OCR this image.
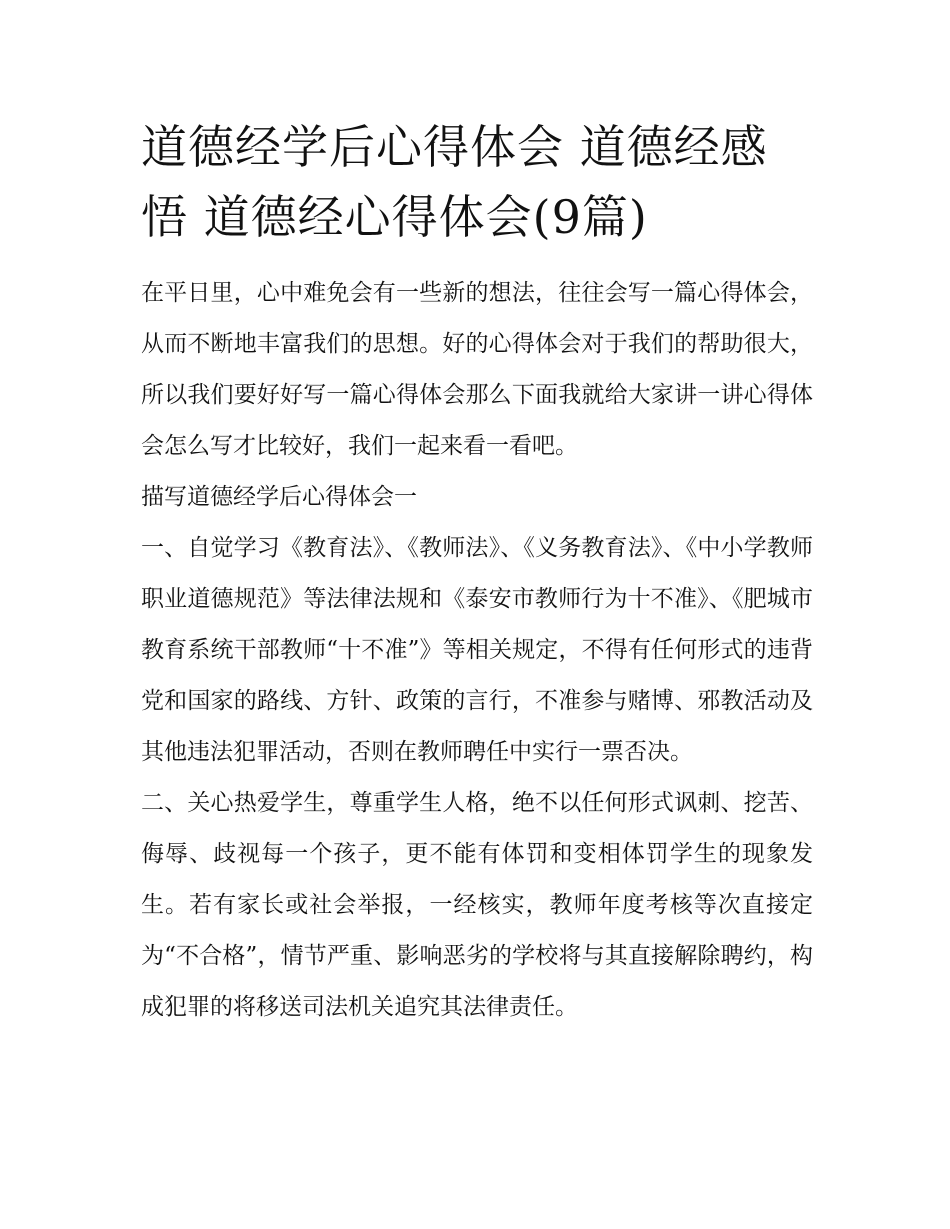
道德经学后心得体会 道德经感悟 道德经心得体会(9篇)

在平日里，心中难免会有一些新的想法，往往会写一篇心得体会，从而不断地丰富我们的思想。好的心得体会对于我们的帮助很大，所以我们要好好写一篇心得体会那么下面我就给大家讲一讲心得体会怎么写才比较好，我们一起来看一看吧。

描写道德经学后心得体会一

一、自觉学习《教育法》、《教师法》、《义务教育法》、《中小学教师职业道德规范》等法律法规和《泰安市教师行为十不准》、《肥城市教育系统干部教师“十不准”》等相关规定，不得有任何形式的违背党和国家的路线、方针、政策的言行，不准参与赌博、邪教活动及其他违法犯罪活动，否则在教师聘任中实行一票否决。

二、关心热爱学生，尊重学生人格，绝不以任何形式讽刺、挖苦、侮辱、歧视每一个孩子，更不能有体罚和变相体罚学生的现象发生。若有家长或社会举报，一经核实，教师年度考核等次直接定为“不合格”，情节严重、影响恶劣的学校将与其直接解除聘约，构成犯罪的将移送司法机关追究其法律责任。
